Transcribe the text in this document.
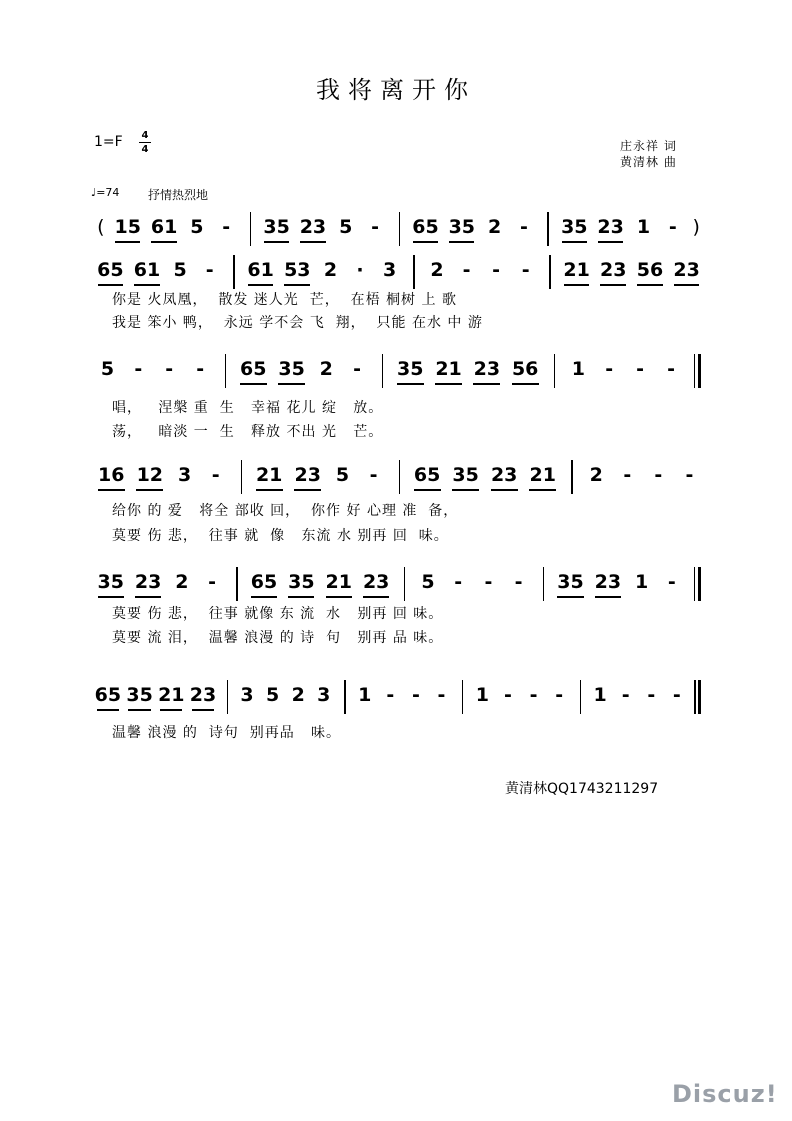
我将离开你
1=F 4
4	庄永祥 词
黄清林 曲
♩=74 抒情热烈地
( 15 61 5 -	35 23 5 -	65 35 2 -	35 23 1 - )
65 61 5	-	61 53 2	·	3	2	-	-	-	21 23 56 23
你是 火凤凰，  散发 迷人光  芒，  在梧 桐树 上 歌
我是 笨小 鸭，  永远 学不会 飞  翔，  只能 在水 中 游
5	-	-	-	65 35 2	-	35 21 23 56	1	-	-	-
唱，   涅槃 重  生   幸福 花儿 绽   放。
荡，   暗淡 一  生   释放 不出 光   芒。
16 12 3	-	21 23 5	-	65 35 23 21	2	-	-	-
给你 的 爱   将全 部收 回，  你作 好 心理 准  备，
莫要 伤 悲，  往事 就  像   东流 水 别再 回  味。
35 23 2	-	65 35 21 23	5	-	-	-	35 23 1	-
莫要 伤 悲，  往事 就像 东 流  水   别再 回 味。
莫要 流 泪，  温馨 浪漫 的 诗  句   别再 品 味。
65 35 21 23	3 5 2 3	1 - - -	1 - - -	1 - - -
温馨 浪漫 的  诗句  别再品   味。
黄清林QQ1743211297
Discuz!
